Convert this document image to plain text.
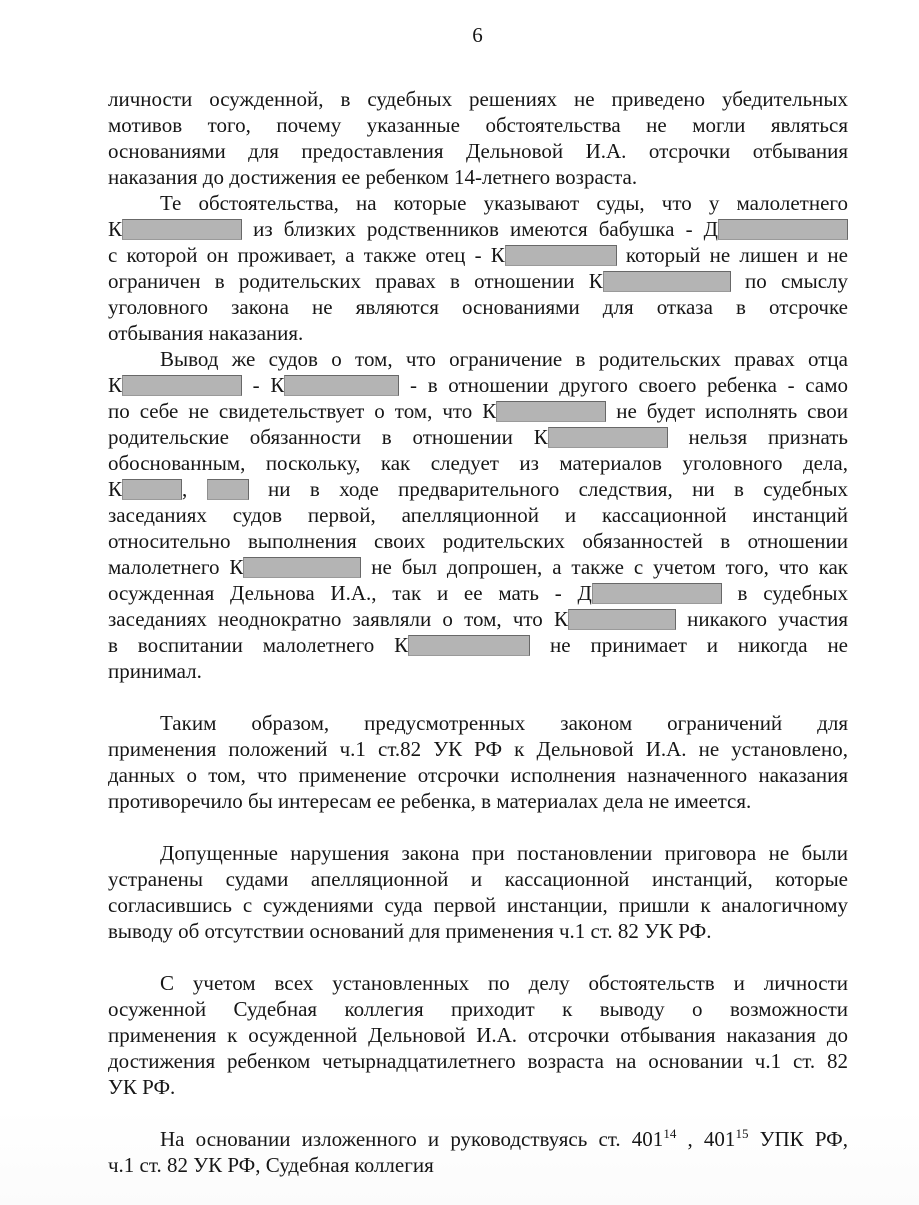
6
личности осужденной, в судебных решениях не приведено убедительных
мотивов того, почему указанные обстоятельства не могли являться
основаниями для предоставления Дельновой И.А. отсрочки отбывания
наказания до достижения ее ребенком 14-летнего возраста.
Те обстоятельства, на которые указывают суды, что у малолетнего
К	из близких родственников имеются бабушка - Д
с которой он проживает, а также отец - К	который не лишен и не
ограничен в родительских правах в отношении К	по смыслу
уголовного закона не являются основаниями для отказа в отсрочке
отбывания наказания.
Вывод же судов о том, что ограничение в родительских правах отца
К	- К	- в отношении другого своего ребенка - само
по себе не свидетельствует о том, что К	не будет исполнять свои
родительские обязанности в отношении К	нельзя признать
обоснованным, поскольку, как следует из материалов уголовного дела,
К	,  ни в ходе предварительного следствия, ни в судебных
заседаниях судов первой, апелляционной и кассационной инстанций
относительно выполнения своих родительских обязанностей в отношении
малолетнего К	не был допрошен, а также с учетом того, что как
осужденная Дельнова И.А., так и ее мать - Д	в судебных
заседаниях неоднократно заявляли о том, что К	никакого участия
в воспитании малолетнего К	не принимает и никогда не
принимал.
Таким образом, предусмотренных законом ограничений для
применения положений ч.1 ст.82 УК РФ к Дельновой И.А. не установлено,
данных о том, что применение отсрочки исполнения назначенного наказания
противоречило бы интересам ее ребенка, в материалах дела не имеется.
Допущенные нарушения закона при постановлении приговора не были
устранены судами апелляционной и кассационной инстанций, которые
согласившись с суждениями суда первой инстанции, пришли к аналогичному
выводу об отсутствии оснований для применения ч.1 ст. 82 УК РФ.
С учетом всех установленных по делу обстоятельств и личности
осуженной Судебная коллегия приходит к выводу о возможности
применения к осужденной Дельновой И.А. отсрочки отбывания наказания до
достижения ребенком четырнадцатилетнего возраста на основании ч.1 ст. 82
УК РФ.
На основании изложенного и руководствуясь ст. $401^{14}$ , $401^{15}$ УПК РФ,
ч.1 ст. 82 УК РФ, Судебная коллегия
